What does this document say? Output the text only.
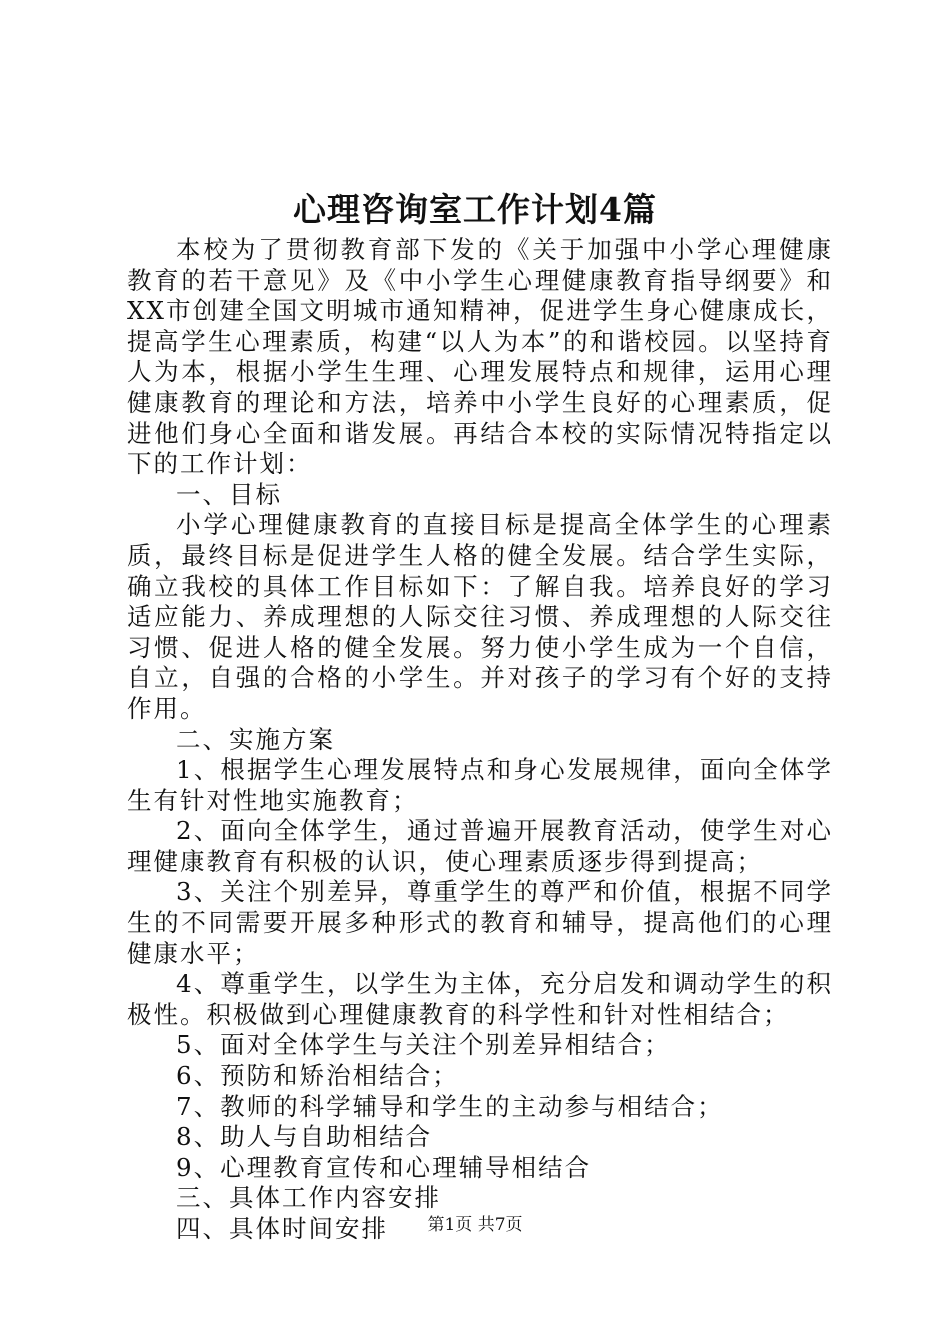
心理咨询室工作计划4篇

本校为了贯彻教育部下发的《关于加强中小学心理健康教育的若干意见》及《中小学生心理健康教育指导纲要》和XX市创建全国文明城市通知精神，促进学生身心健康成长，提高学生心理素质，构建“以人为本”的和谐校园。以坚持育人为本，根据小学生生理、心理发展特点和规律，运用心理健康教育的理论和方法，培养中小学生良好的心理素质，促进他们身心全面和谐发展。再结合本校的实际情况特指定以下的工作计划：

一、目标

小学心理健康教育的直接目标是提高全体学生的心理素质，最终目标是促进学生人格的健全发展。结合学生实际，确立我校的具体工作目标如下：了解自我。培养良好的学习适应能力、养成理想的人际交往习惯、养成理想的人际交往习惯、促进人格的健全发展。努力使小学生成为一个自信，自立，自强的合格的小学生。并对孩子的学习有个好的支持作用。

二、实施方案

1、根据学生心理发展特点和身心发展规律，面向全体学生有针对性地实施教育；

2、面向全体学生，通过普遍开展教育活动，使学生对心理健康教育有积极的认识，使心理素质逐步得到提高；

3、关注个别差异，尊重学生的尊严和价值，根据不同学生的不同需要开展多种形式的教育和辅导，提高他们的心理健康水平；

4、尊重学生，以学生为主体，充分启发和调动学生的积极性。积极做到心理健康教育的科学性和针对性相结合；

5、面对全体学生与关注个别差异相结合；

6、预防和矫治相结合；

7、教师的科学辅导和学生的主动参与相结合；

8、助人与自助相结合

9、心理教育宣传和心理辅导相结合

三、具体工作内容安排

四、具体时间安排	第1页 共7页
